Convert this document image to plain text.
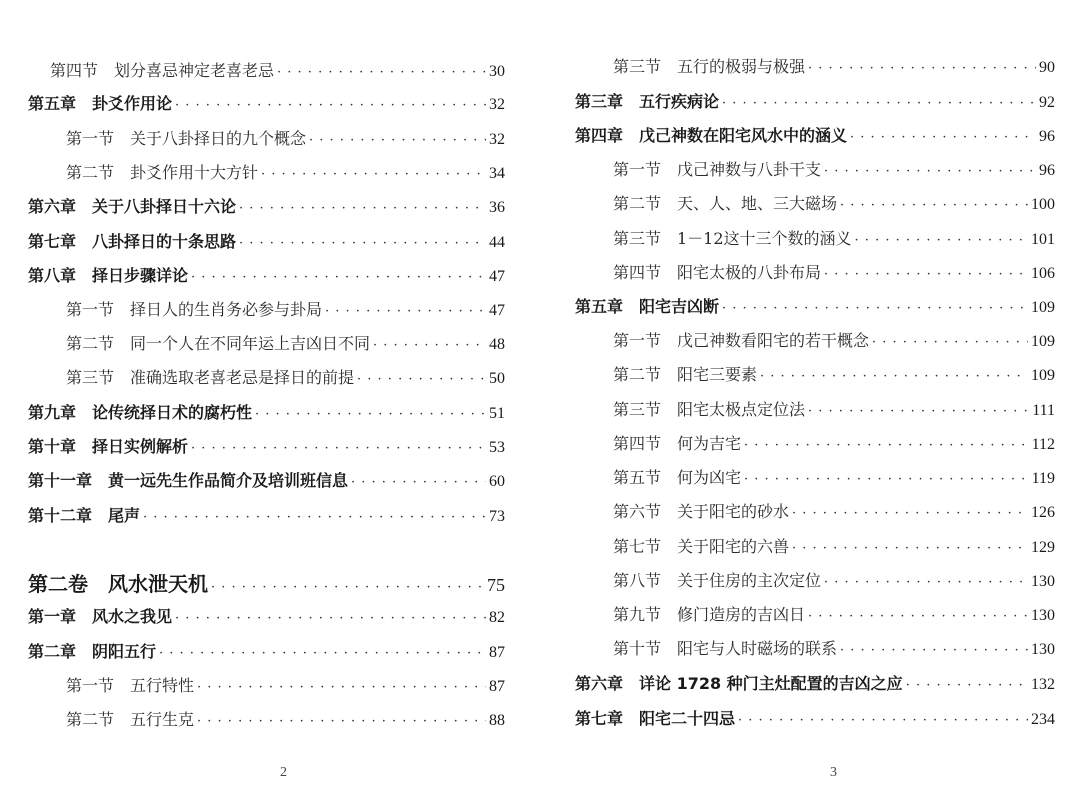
第四节　划分喜忌神定老喜老忌 · · ·	30
第五章　卦爻作用论 · · ·	32
第一节　关于八卦择日的九个概念 · · ·	32
第二节　卦爻作用十大方针 · · ·	34
第六章　关于八卦择日十六论 · · ·	36
第七章　八卦择日的十条思路 · · ·	44
第八章　择日步骤详论 · · ·	47
第一节　择日人的生肖务必参与卦局 · · ·	47
第二节　同一个人在不同年运上吉凶日不同 · · ·	48
第三节　准确选取老喜老忌是择日的前提 · · ·	50
第九章　论传统择日术的腐朽性 · · ·	51
第十章　择日实例解析 · · ·	53
第十一章　黄一远先生作品简介及培训班信息 · · ·	60
第十二章　尾声 · · ·	73
第二卷　风水泄天机 · · ·	75
第一章　风水之我见 · · ·	82
第二章　阴阳五行 · · ·	87
第一节　五行特性 · · ·	87
第二节　五行生克 · · ·	88
2
第三节　五行的极弱与极强 · · ·	90
第三章　五行疾病论 · · ·	92
第四章　戊己神数在阳宅风水中的涵义 · · ·	96
第一节　戊己神数与八卦干支 · · ·	96
第二节　天、人、地、三大磁场 · · ·	100
第三节　1－12这十三个数的涵义 · · ·	101
第四节　阳宅太极的八卦布局 · · ·	106
第五章　阳宅吉凶断 · · ·	109
第一节　戊己神数看阳宅的若干概念 · · ·	109
第二节　阳宅三要素 · · ·	109
第三节　阳宅太极点定位法 · · ·	111
第四节　何为吉宅 · · ·	112
第五节　何为凶宅 · · ·	119
第六节　关于阳宅的砂水 · · ·	126
第七节　关于阳宅的六兽 · · ·	129
第八节　关于住房的主次定位 · · ·	130
第九节　修门造房的吉凶日 · · ·	130
第十节　阳宅与人时磁场的联系 · · ·	130
第六章　详论 1728 种门主灶配置的吉凶之应 · · ·	132
第七章　阳宅二十四忌 · · ·	234
3
